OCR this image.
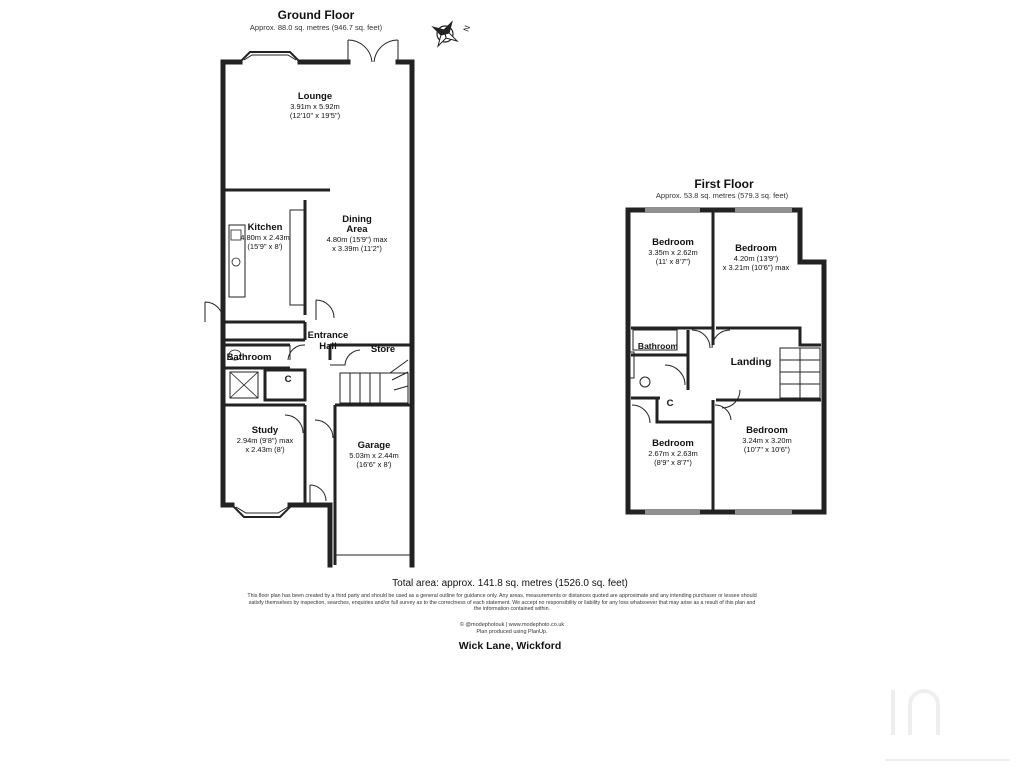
Ground Floor
Approx. 88.0 sq. metres (946.7 sq. feet)	N
Lounge
3.91m x 5.92m
(12'10" x 19'5")
Dining
Area
4.80m (15'9") max
x 3.39m (11'2")
Kitchen
4.80m x 2.43m
(15'9" x 8')
Entrance
Hall	Store
Bathroom
C
Study
2.94m (9'8") max
x 2.43m (8')	Garage
5.03m x 2.44m
(16'6" x 8')
First Floor
Approx. 53.8 sq. metres (579.3 sq. feet)
Bedroom
3.35m x 2.62m
(11' x 8'7")
Bedroom
4.20m (13'9")
x 3.21m (10'6") max
Bathroom
Landing
C
Bedroom
2.67m x 2.63m
(8'9" x 8'7")
Bedroom
3.24m x 3.20m
(10'7" x 10'6")
Total area: approx. 141.8 sq. metres (1526.0 sq. feet)
This floor plan has been created by a third party and should be used as a general outline for guidance only. Any areas, measurements or distances quoted are approximate and any intending purchaser or lessee should
satisfy themselves by inspection, searches, enquiries and/or full survey as to the correctness of each statement. We accept no responsibility or liability for any loss whatsoever that may arise as a result of this plan and
the information contained within.
© @modephotouk | www.modephoto.co.uk
Plan produced using PlanUp.
Wick Lane, Wickford
